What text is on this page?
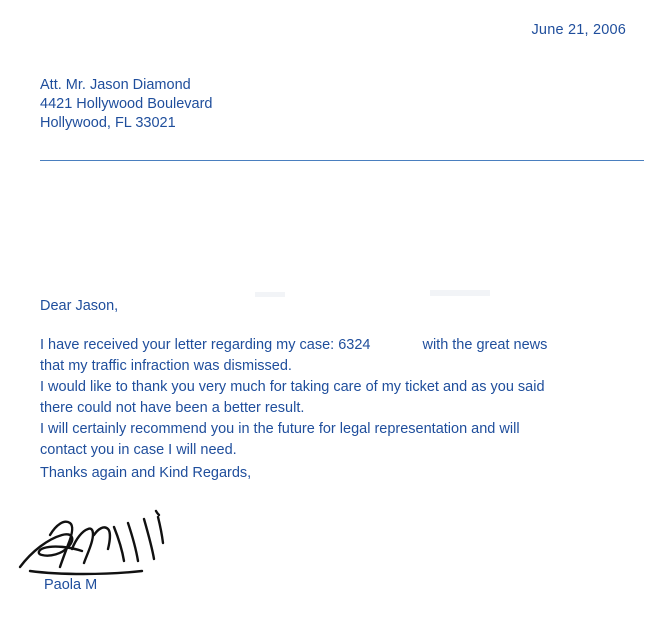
June 21, 2006
Att. Mr. Jason Diamond
4421 Hollywood Boulevard
Hollywood, FL 33021
Dear Jason,

I have received your letter regarding my case: 6324	with the great news

that my traffic infraction was dismissed.

I would like to thank you very much for taking care of my ticket and as you said

there could not have been a better result.

I will certainly recommend you in the future for legal representation and will

contact you in case I will need.

Thanks again and Kind Regards,
Paola M
